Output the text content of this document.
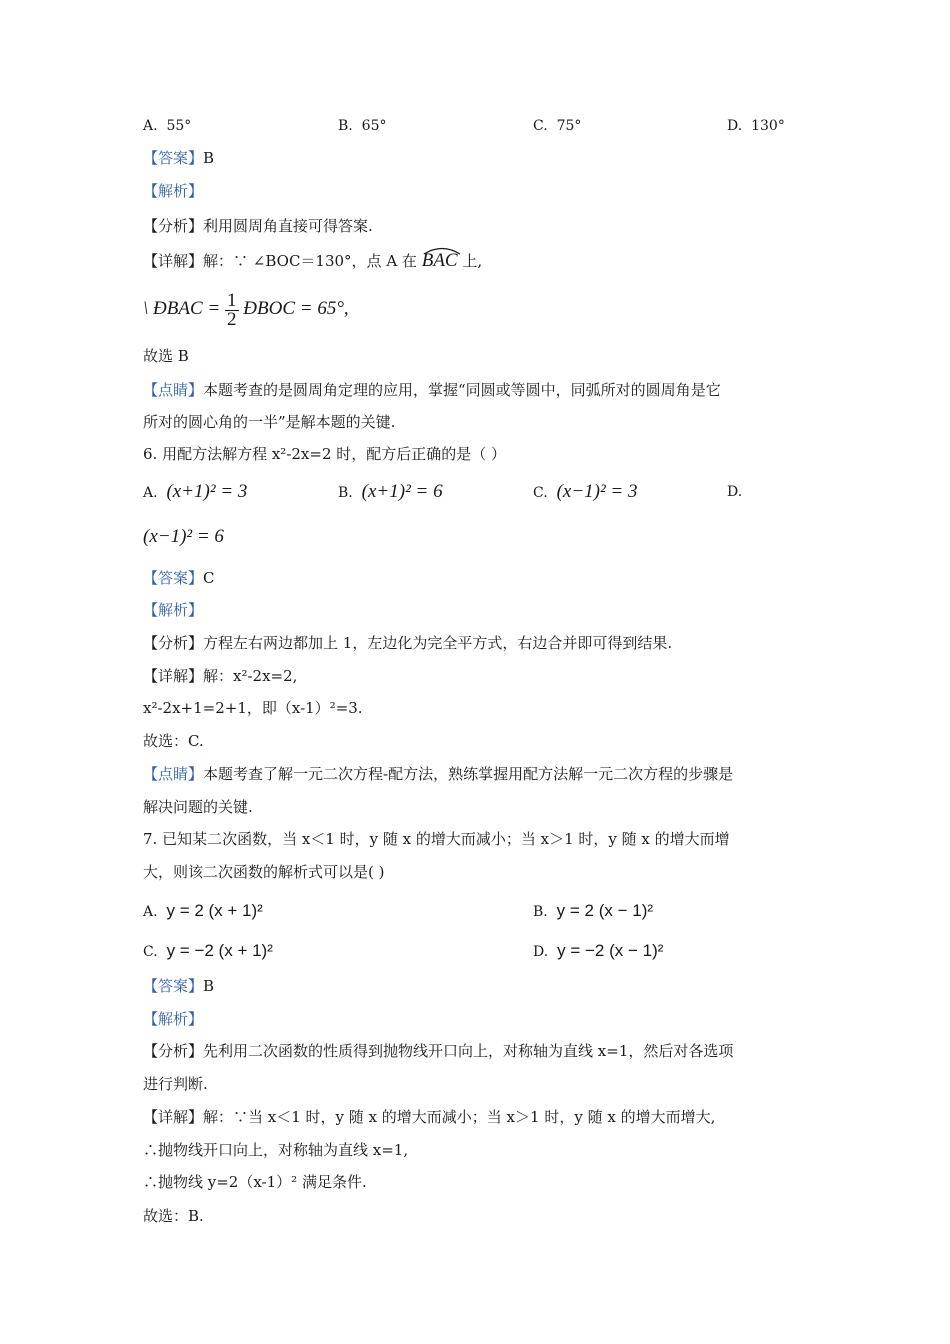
A. 55°	B. 65°	C. 75°	D. 130°
【答案】B
【解析】
【分析】利用圆周角直接可得答案.
【详解】解：∵ ∠BOC＝130°，点 A 在 BAC 上,
\ ÐBAC = $\frac{1}{2}$ ÐBOC = 65°,
故选 B
【点睛】本题考查的是圆周角定理的应用，掌握“同圆或等圆中，同弧所对的圆周角是它
所对的圆心角的一半”是解本题的关键.
6. 用配方法解方程 x²-2x=2 时，配方后正确的是（ ）
A. (x+1)² = 3	B. (x+1)² = 6	C. (x−1)² = 3	D.
(x−1)² = 6
【答案】C
【解析】
【分析】方程左右两边都加上 1，左边化为完全平方式，右边合并即可得到结果.
【详解】解：x²-2x=2,
x²-2x+1=2+1，即（x-1）²=3.
故选：C.
【点睛】本题考查了解一元二次方程-配方法，熟练掌握用配方法解一元二次方程的步骤是
解决问题的关键.
7. 已知某二次函数，当 x＜1 时，y 随 x 的增大而减小；当 x＞1 时，y 随 x 的增大而增
大，则该二次函数的解析式可以是( )
A. y = 2 (x + 1)²	B. y = 2 (x − 1)²
C. y = −2 (x + 1)²	D. y = −2 (x − 1)²
【答案】B
【解析】
【分析】先利用二次函数的性质得到抛物线开口向上，对称轴为直线 x=1，然后对各选项
进行判断.
【详解】解：∵当 x＜1 时，y 随 x 的增大而减小；当 x＞1 时，y 随 x 的增大而增大,
∴抛物线开口向上，对称轴为直线 x=1,
∴抛物线 y=2（x-1）² 满足条件.
故选：B.
